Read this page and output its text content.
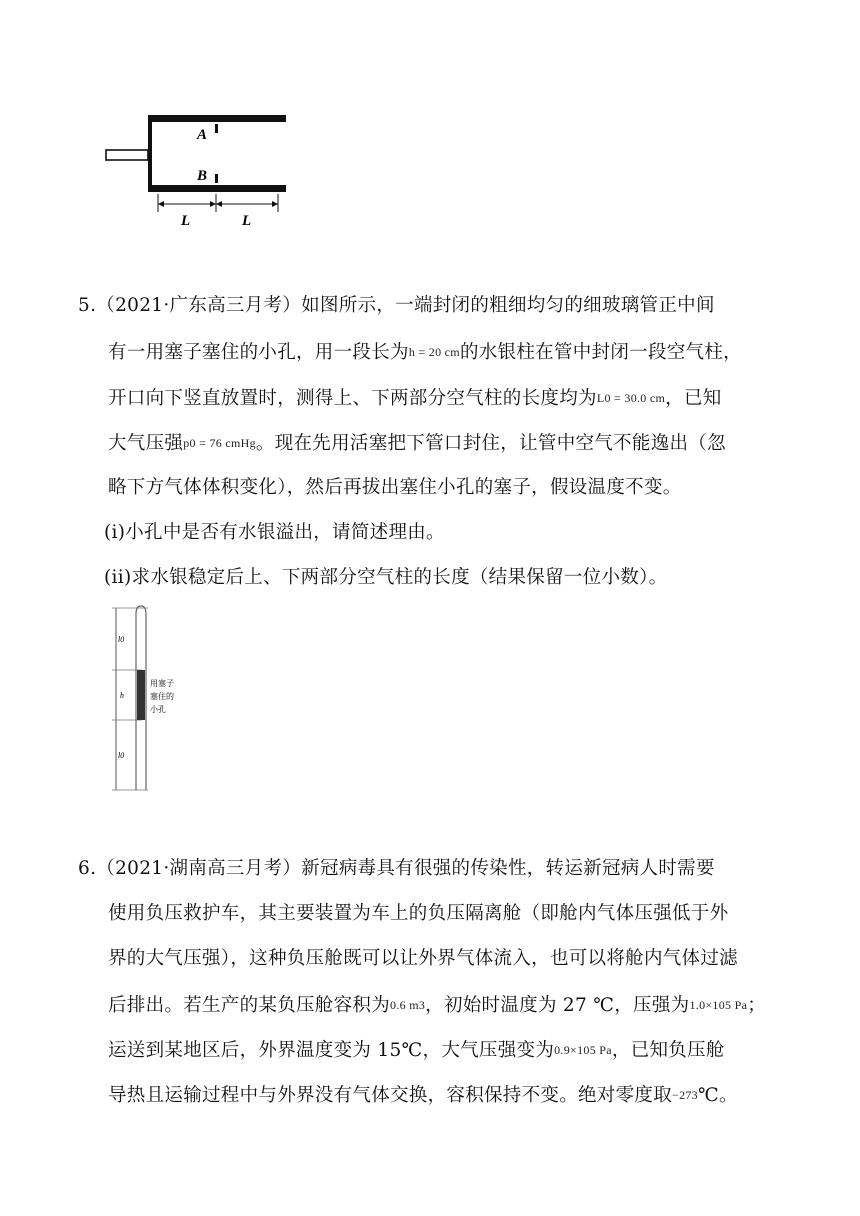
A
B
L	L
5.（2021·广东高三月考）如图所示，一端封闭的粗细均匀的细玻璃管正中间
有一用塞子塞住的小孔，用一段长为h = 20 cm的水银柱在管中封闭一段空气柱，
开口向下竖直放置时，测得上、下两部分空气柱的长度均为L0 = 30.0 cm，已知
大气压强p0 = 76 cmHg。现在先用活塞把下管口封住，让管中空气不能逸出（忽
略下方气体体积变化），然后再拔出塞住小孔的塞子，假设温度不变。
(i)小孔中是否有水银溢出，请简述理由。
(ii)求水银稳定后上、下两部分空气柱的长度（结果保留一位小数）。
l0
h
l0
用塞子
塞住的
小孔
6.（2021·湖南高三月考）新冠病毒具有很强的传染性，转运新冠病人时需要
使用负压救护车，其主要装置为车上的负压隔离舱（即舱内气体压强低于外
界的大气压强），这种负压舱既可以让外界气体流入，也可以将舱内气体过滤
后排出。若生产的某负压舱容积为0.6 m3，初始时温度为 27 ℃，压强为1.0×105 Pa；
运送到某地区后，外界温度变为 15℃，大气压强变为0.9×105 Pa，已知负压舱
导热且运输过程中与外界没有气体交换，容积保持不变。绝对零度取−273℃。
